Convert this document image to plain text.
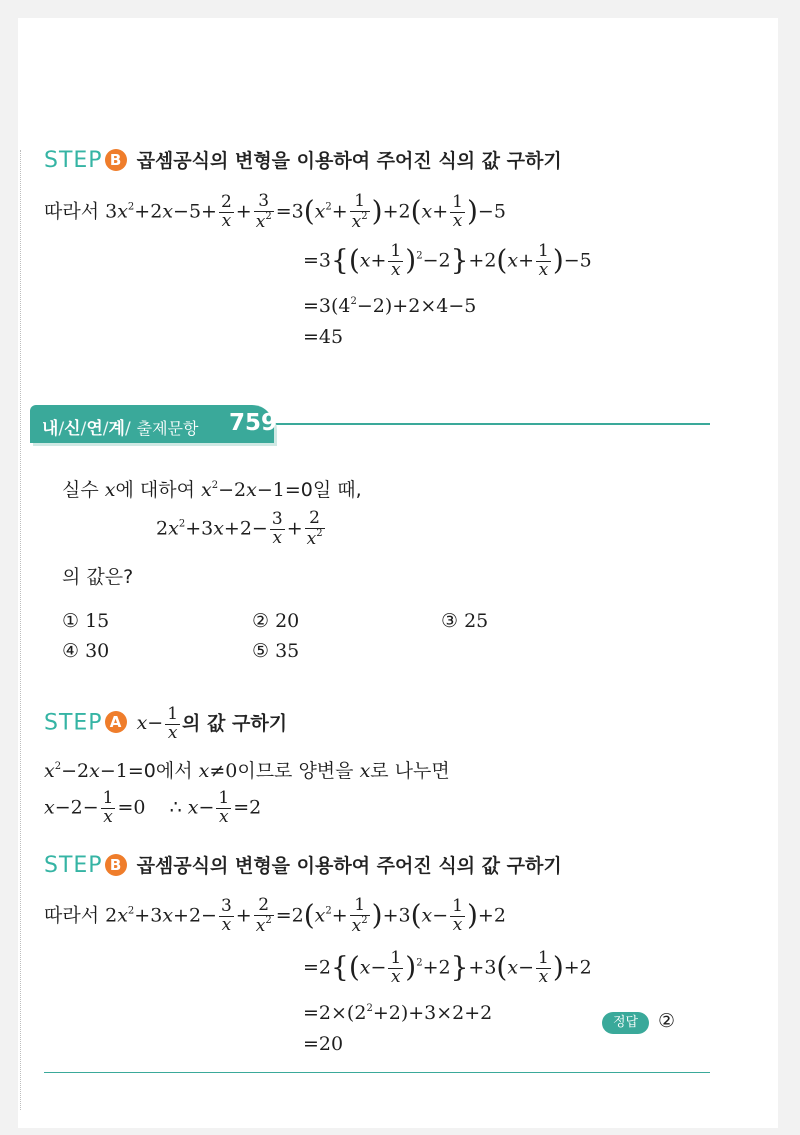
STEP B 곱셈공식의 변형을 이용하여 주어진 식의 값 구하기
따라서 $3x^2+2x-5+ \frac{2}{x} + \frac{3}{x^2} =3(x^2+ \frac{1}{x^2} )+2(x+ \frac{1}{x} )-5$
$=3\{(x+ \frac{1}{x} )^2-2\}+2(x+ \frac{1}{x} )-5$
$=3(4^2-2)+2\times 4-5$
=45
내/신/연/계/ 출제문항 759
실수 x에 대하여 $x^2-2x-1=0$일 때,
$2x^2+3x+2- \frac{3}{x} + \frac{2}{x^2}$
의 값은?
① 15	② 20	③ 25
④ 30	⑤ 35
STEP A $x- \frac{1}{x}$ 의 값 구하기
$x^2-2x-1=0$에서 x≠0이므로 양변을 x로 나누면
$x-2- \frac{1}{x} =0$    ∴ $x- \frac{1}{x} =2$
STEP B 곱셈공식의 변형을 이용하여 주어진 식의 값 구하기
따라서 $2x^2+3x+2- \frac{3}{x} + \frac{2}{x^2} =2(x^2+ \frac{1}{x^2} )+3(x- \frac{1}{x} )+2$
$=2\{(x- \frac{1}{x} )^2+2\}+3(x- \frac{1}{x} )+2$
$=2\times(2^2+2)+3\times 2+2$
=20
정답	②
